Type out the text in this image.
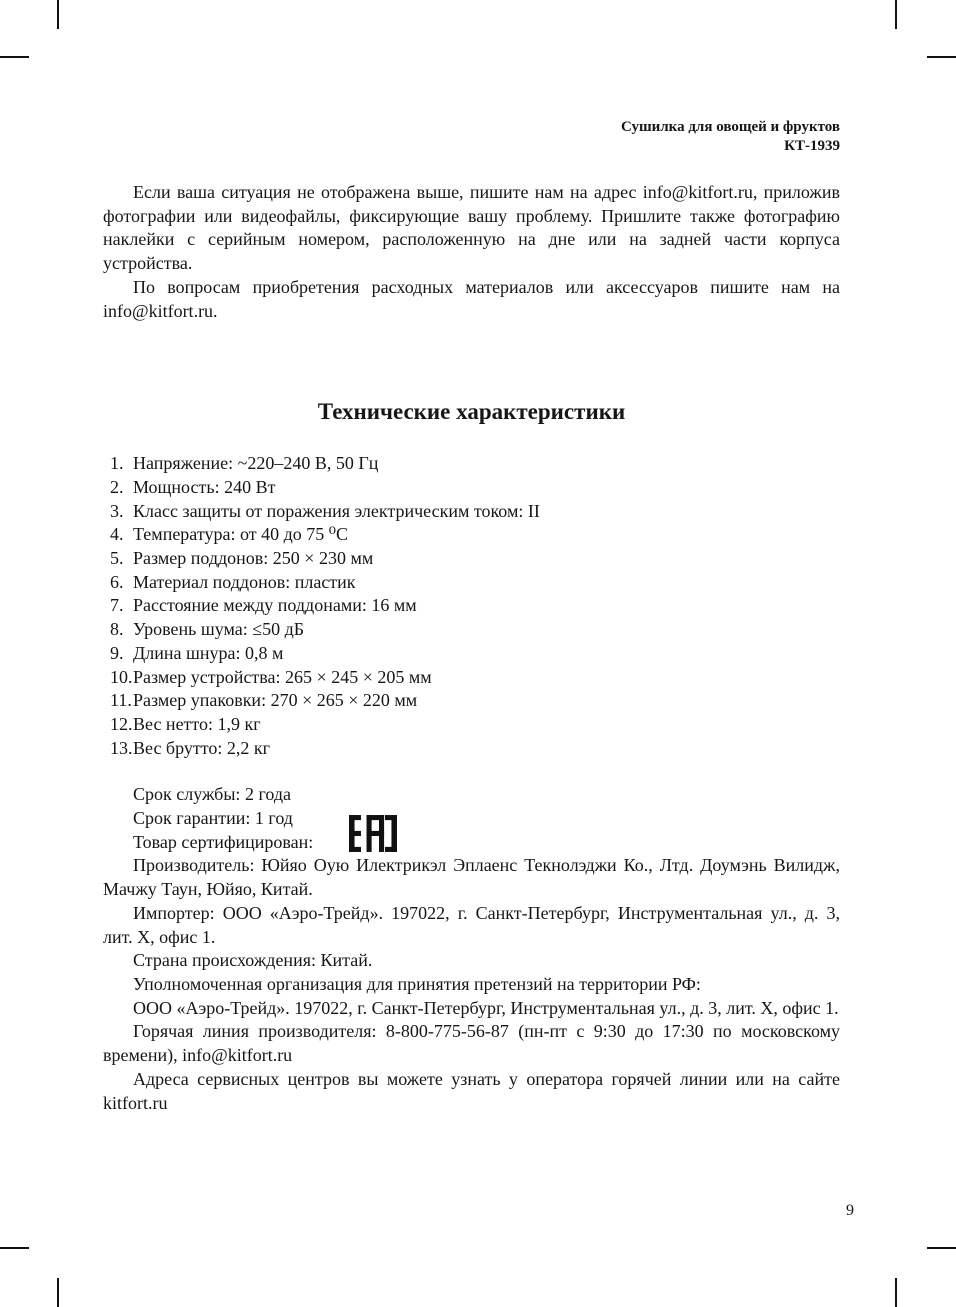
Сушилка для овощей и фруктов
КТ-1939

Если ваша ситуация не отображена выше, пишите нам на адрес info@kitfort.ru, приложив фотографии или видеофайлы, фиксирующие вашу проблему. Пришлите также фотографию наклейки с серийным номером, расположенную на дне или на задней части корпуса устройства.

По вопросам приобретения расходных материалов или аксессуаров пишите нам на info@kitfort.ru.

Технические характеристики
1. Напряжение: ~220–240 В, 50 Гц
2. Мощность: 240 Вт
3. Класс защиты от поражения электрическим током: II
4. Температура: от 40 до 75 ⁰С
5. Размер поддонов: 250 × 230 мм
6. Материал поддонов: пластик
7. Расстояние между поддонами: 16 мм
8. Уровень шума: ≤50 дБ
9. Длина шнура: 0,8 м
10. Размер устройства: 265 × 245 × 205 мм
11. Размер упаковки: 270 × 265 × 220 мм
12. Вес нетто: 1,9 кг
13. Вес брутто: 2,2 кг
Срок службы: 2 года
Срок гарантии: 1 год
Товар сертифицирован:

Производитель: Юйяо Оую Илектрикэл Эплаенс Текнолэджи Ко., Лтд. Доумэнь Вилидж, Мачжу Таун, Юйяо, Китай.

Импортер: ООО «Аэро-Трейд». 197022, г. Санкт-Петербург, Инструментальная ул., д. 3, лит. Х, офис 1.

Страна происхождения: Китай.

Уполномоченная организация для принятия претензий на территории РФ:

ООО «Аэро-Трейд». 197022, г. Санкт-Петербург, Инструментальная ул., д. 3, лит. Х, офис 1.

Горячая линия производителя: 8-800-775-56-87 (пн-пт с 9:30 до 17:30 по московскому времени), info@kitfort.ru

Адреса сервисных центров вы можете узнать у оператора горячей линии или на сайте kitfort.ru

9
